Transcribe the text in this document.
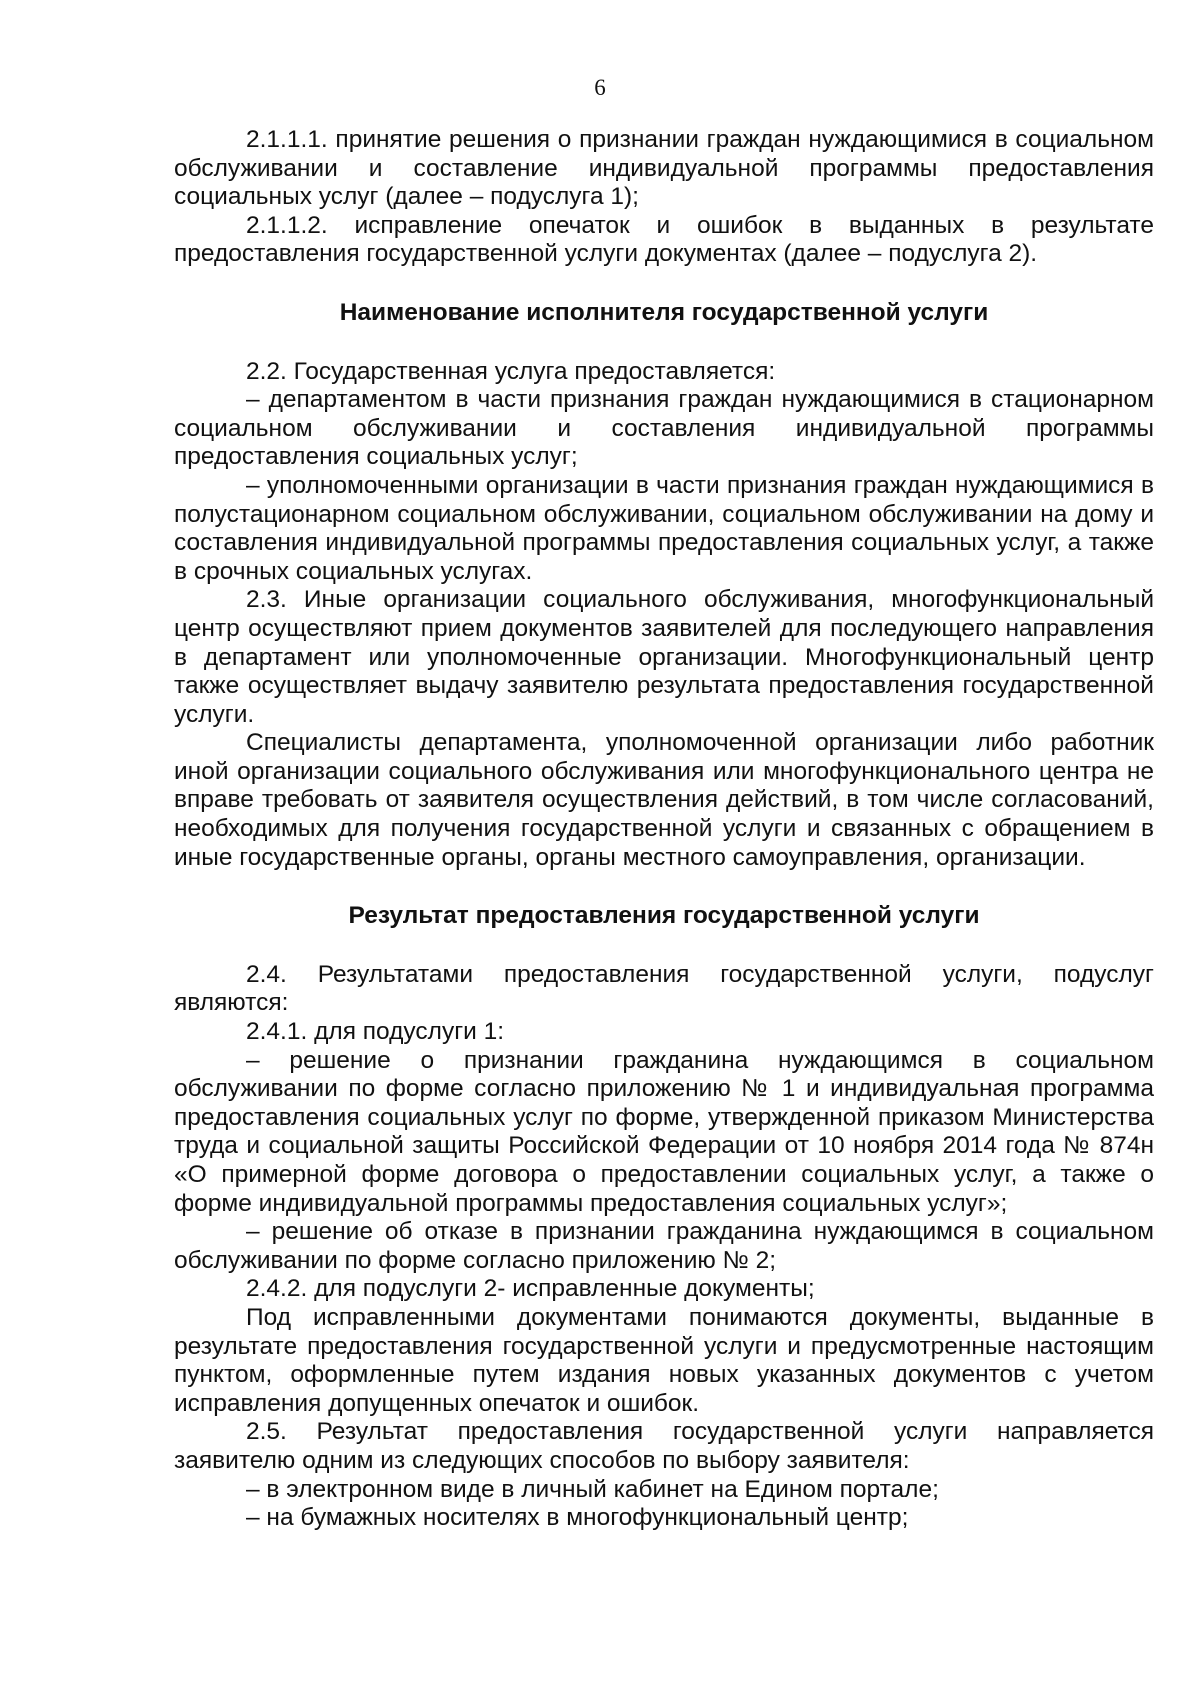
6

2.1.1.1. принятие решения о признании граждан нуждающимися в социальном обслуживании и составление индивидуальной программы предоставления социальных услуг (далее – подуслуга 1);

2.1.1.2. исправление опечаток и ошибок в выданных в результате предоставления государственной услуги документах (далее – подуслуга 2).

Наименование исполнителя государственной услуги

2.2. Государственная услуга предоставляется:

– департаментом в части признания граждан нуждающимися в стационарном социальном обслуживании и составления индивидуальной программы предоставления социальных услуг;

– уполномоченными организации в части признания граждан нуждающимися в полустационарном социальном обслуживании, социальном обслуживании на дому и составления индивидуальной программы предоставления социальных услуг, а также в срочных социальных услугах.

2.3. Иные организации социального обслуживания, многофункциональный центр осуществляют прием документов заявителей для последующего направления в департамент или уполномоченные организации. Многофункциональный центр также осуществляет выдачу заявителю результата предоставления государственной услуги.

Специалисты департамента, уполномоченной организации либо работник иной организации социального обслуживания или многофункционального центра не вправе требовать от заявителя осуществления действий, в том числе согласований, необходимых для получения государственной услуги и связанных с обращением в иные государственные органы, органы местного самоуправления, организации.

Результат предоставления государственной услуги

2.4. Результатами предоставления государственной услуги, подуслуг являются:

2.4.1. для подуслуги 1:

– решение о признании гражданина нуждающимся в социальном обслуживании по форме согласно приложению № 1 и индивидуальная программа предоставления социальных услуг по форме, утвержденной приказом Министерства труда и социальной защиты Российской Федерации от 10 ноября 2014 года № 874н «О примерной форме договора о предоставлении социальных услуг, а также о форме индивидуальной программы предоставления социальных услуг»;

– решение об отказе в признании гражданина нуждающимся в социальном обслуживании по форме согласно приложению № 2;

2.4.2. для подуслуги 2- исправленные документы;

Под исправленными документами понимаются документы, выданные в результате предоставления государственной услуги и предусмотренные настоящим пунктом, оформленные путем издания новых указанных документов с учетом исправления допущенных опечаток и ошибок.

2.5. Результат предоставления государственной услуги направляется заявителю одним из следующих способов по выбору заявителя:

– в электронном виде в личный кабинет на Едином портале;

– на бумажных носителях в многофункциональный центр;
